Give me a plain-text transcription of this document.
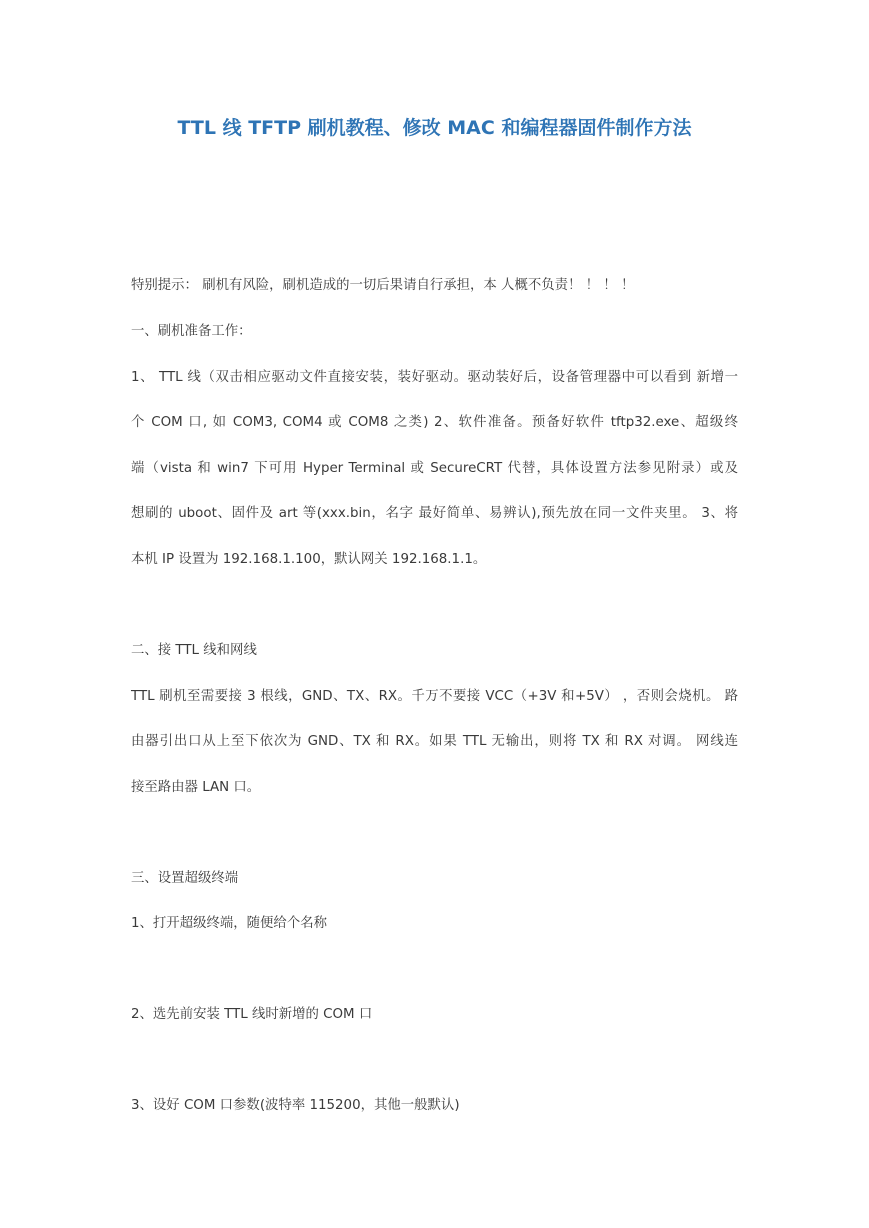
TTL 线 TFTP 刷机教程、修改 MAC 和编程器固件制作方法
特别提示： 刷机有风险，刷机造成的一切后果请自行承担，本 人概不负责！ ！ ！ ！
一、刷机准备工作：
1、 TTL 线（双击相应驱动文件直接安装，装好驱动。驱动装好后，设备管理器中可以看到 新增一
个 COM 口, 如 COM3, COM4 或 COM8 之类) 2、软件准备。预备好软件 tftp32.exe、超级终
端（vista 和 win7 下可用 Hyper Terminal 或 SecureCRT 代替，具体设置方法参见附录）或及
想刷的 uboot、固件及 art 等(xxx.bin，名字 最好简单、易辨认),预先放在同一文件夹里。 3、将
本机 IP 设置为 192.168.1.100，默认网关 192.168.1.1。
二、接 TTL 线和网线
TTL 刷机至需要接 3 根线，GND、TX、RX。千万不要接 VCC（+3V 和+5V） ，否则会烧机。 路
由器引出口从上至下依次为 GND、TX 和 RX。如果 TTL 无输出，则将 TX 和 RX 对调。 网线连
接至路由器 LAN 口。
三、设置超级终端
1、打开超级终端，随便给个名称
2、选先前安装 TTL 线时新增的 COM 口
3、设好 COM 口参数(波特率 115200，其他一般默认)
